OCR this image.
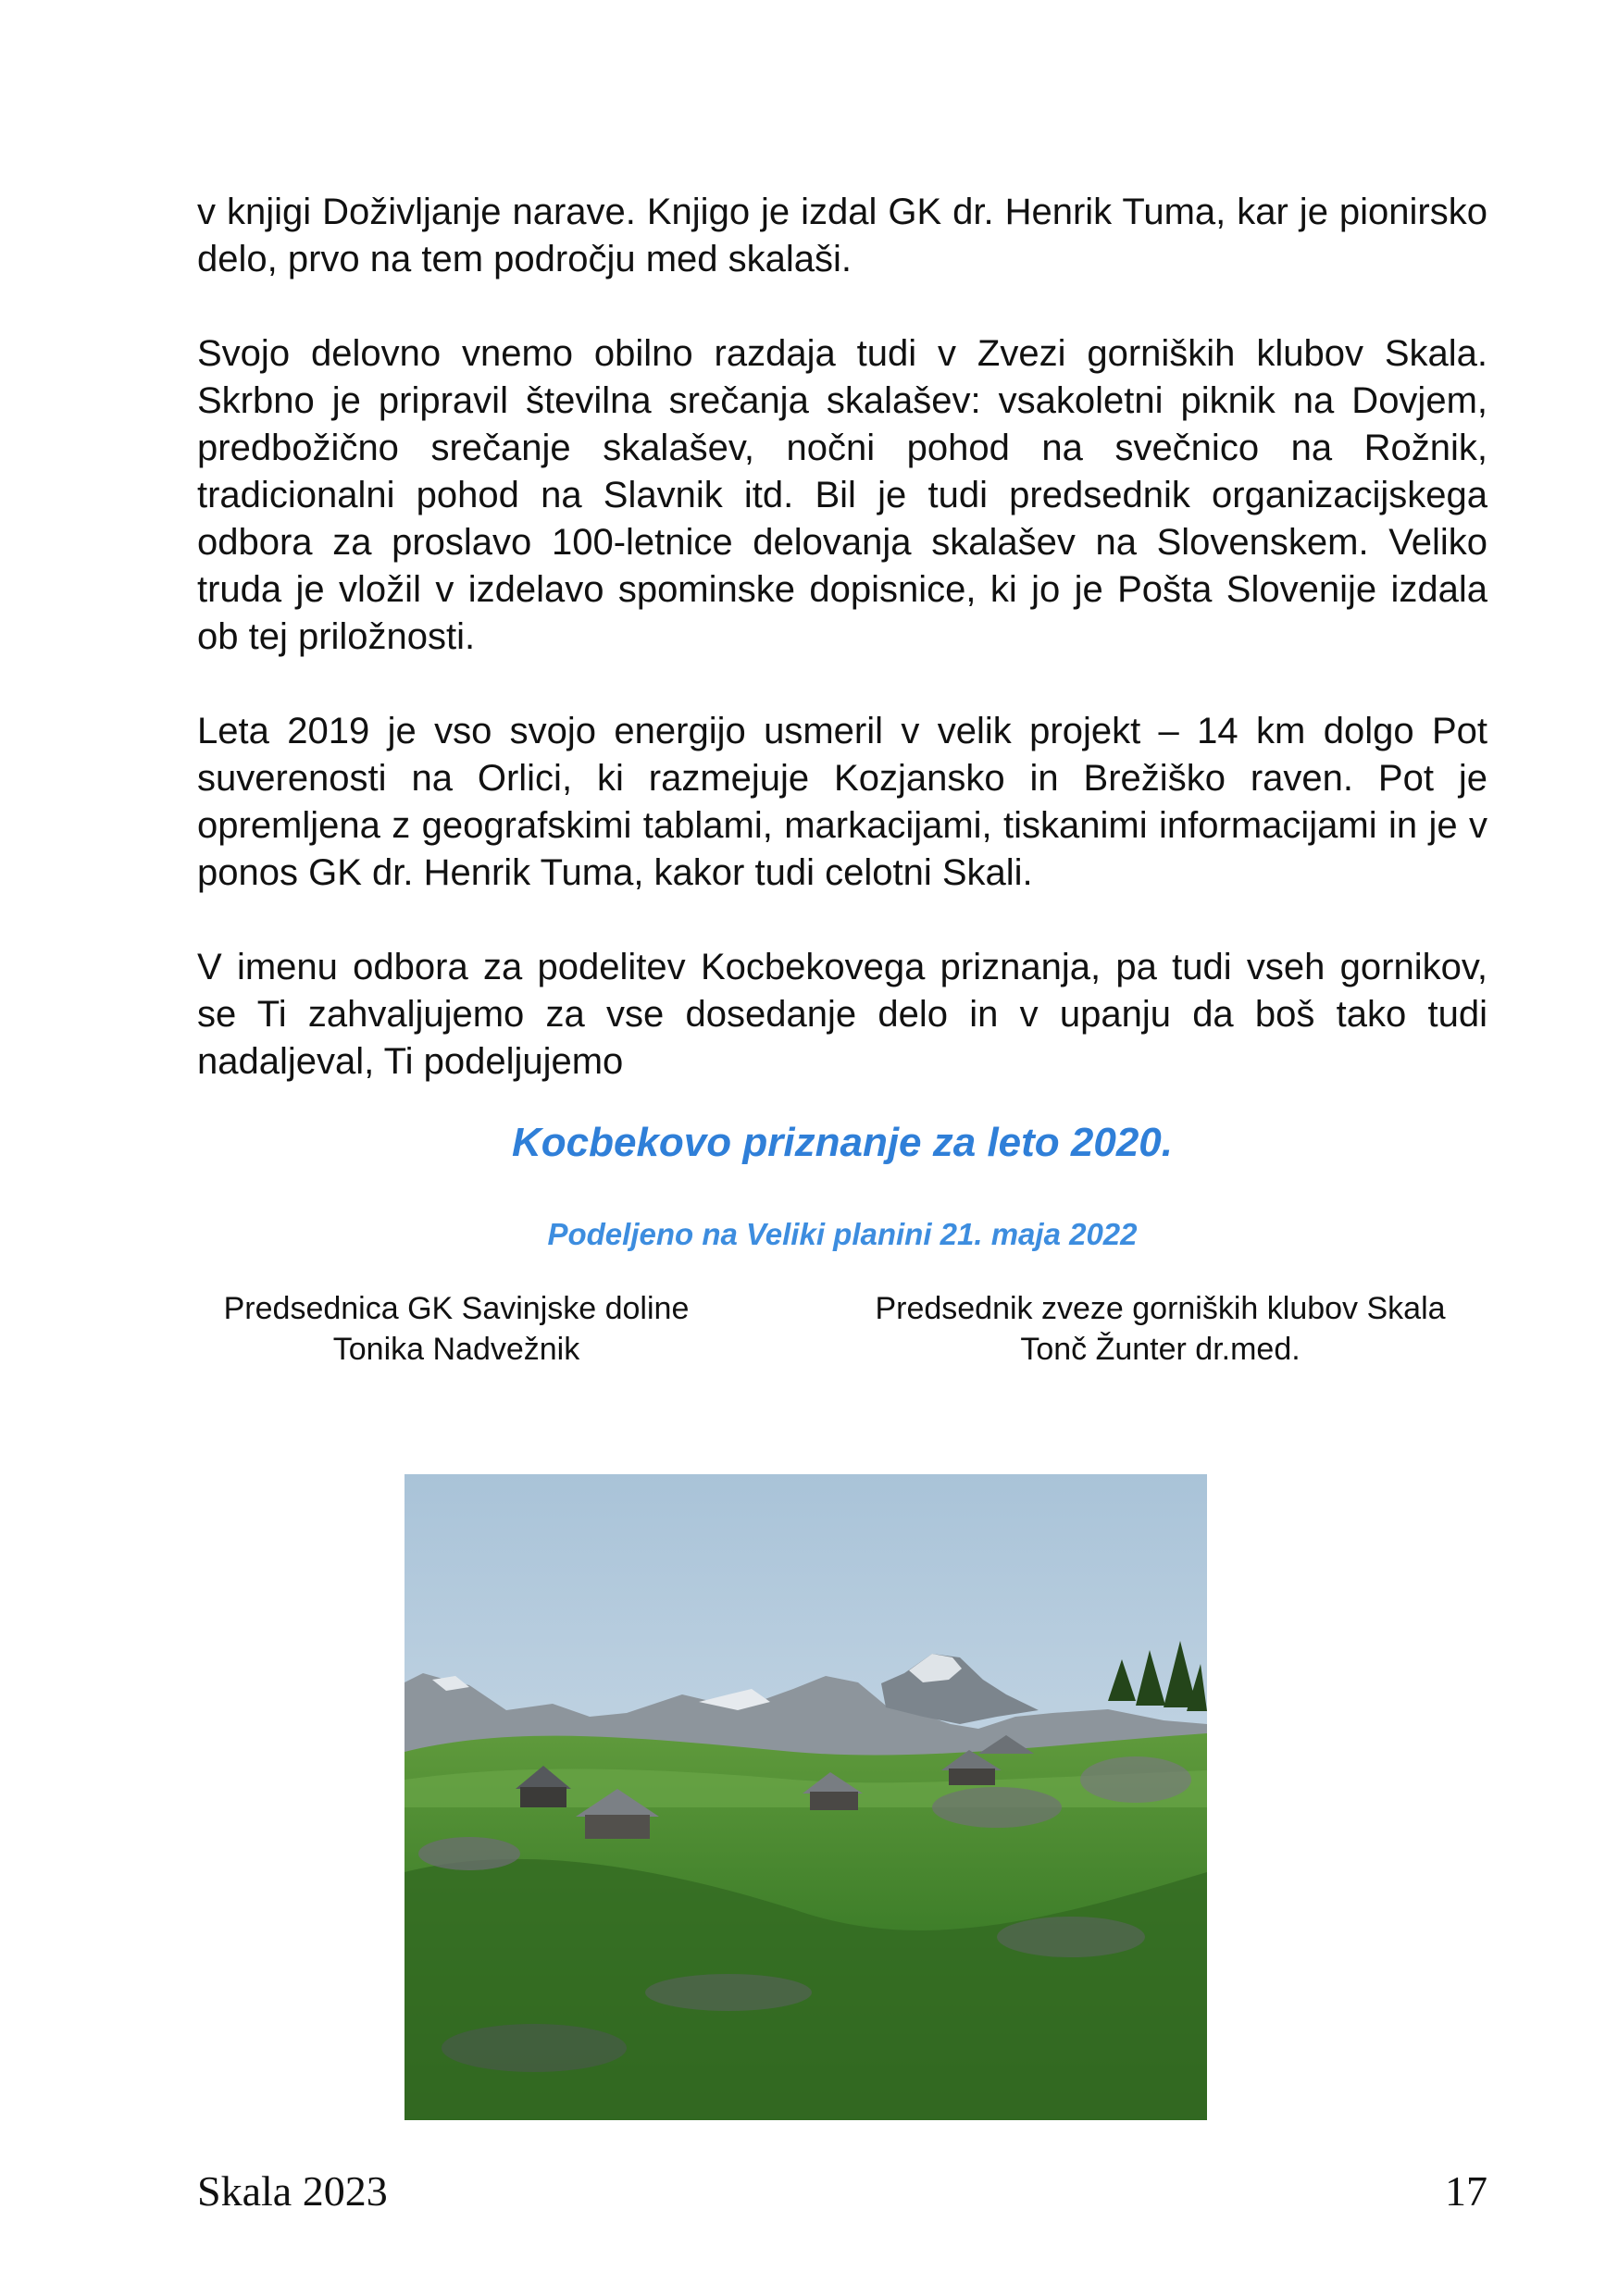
v knjigi Doživljanje narave. Knjigo je izdal GK dr. Henrik Tuma, kar je pionirsko delo, prvo na tem področju med skalaši.

Svojo delovno vnemo obilno razdaja tudi v Zvezi gorniških klubov Skala. Skrbno je pripravil številna srečanja skalašev: vsakoletni piknik na Dovjem, predbožično srečanje skalašev, nočni pohod na svečnico na Rožnik, tradicionalni pohod na Slavnik itd. Bil je tudi predsednik organizacijskega odbora za proslavo 100-letnice delovanja skalašev na Slovenskem. Veliko truda je vložil v izdelavo spominske dopisnice, ki jo je Pošta Slovenije izdala ob tej priložnosti.

Leta 2019 je vso svojo energijo usmeril v velik projekt – 14 km dolgo Pot suverenosti na Orlici, ki razmejuje Kozjansko in Brežiško raven. Pot je opremljena z geografskimi tablami, markacijami, tiskanimi informacijami in je v ponos GK dr. Henrik Tuma, kakor tudi celotni Skali.

V imenu odbora za podelitev Kocbekovega priznanja, pa tudi vseh gornikov, se Ti zahvaljujemo za vse dosedanje delo in v upanju da boš tako tudi nadaljeval, Ti podeljujemo

Kocbekovo priznanje za leto 2020.
Podeljeno na Veliki planini 21. maja 2022
Predsednica GK Savinjske doline
Tonika Nadvežnik
Predsednik zveze gorniških klubov Skala
Tonč Žunter dr.med.
Skala 2023	17
